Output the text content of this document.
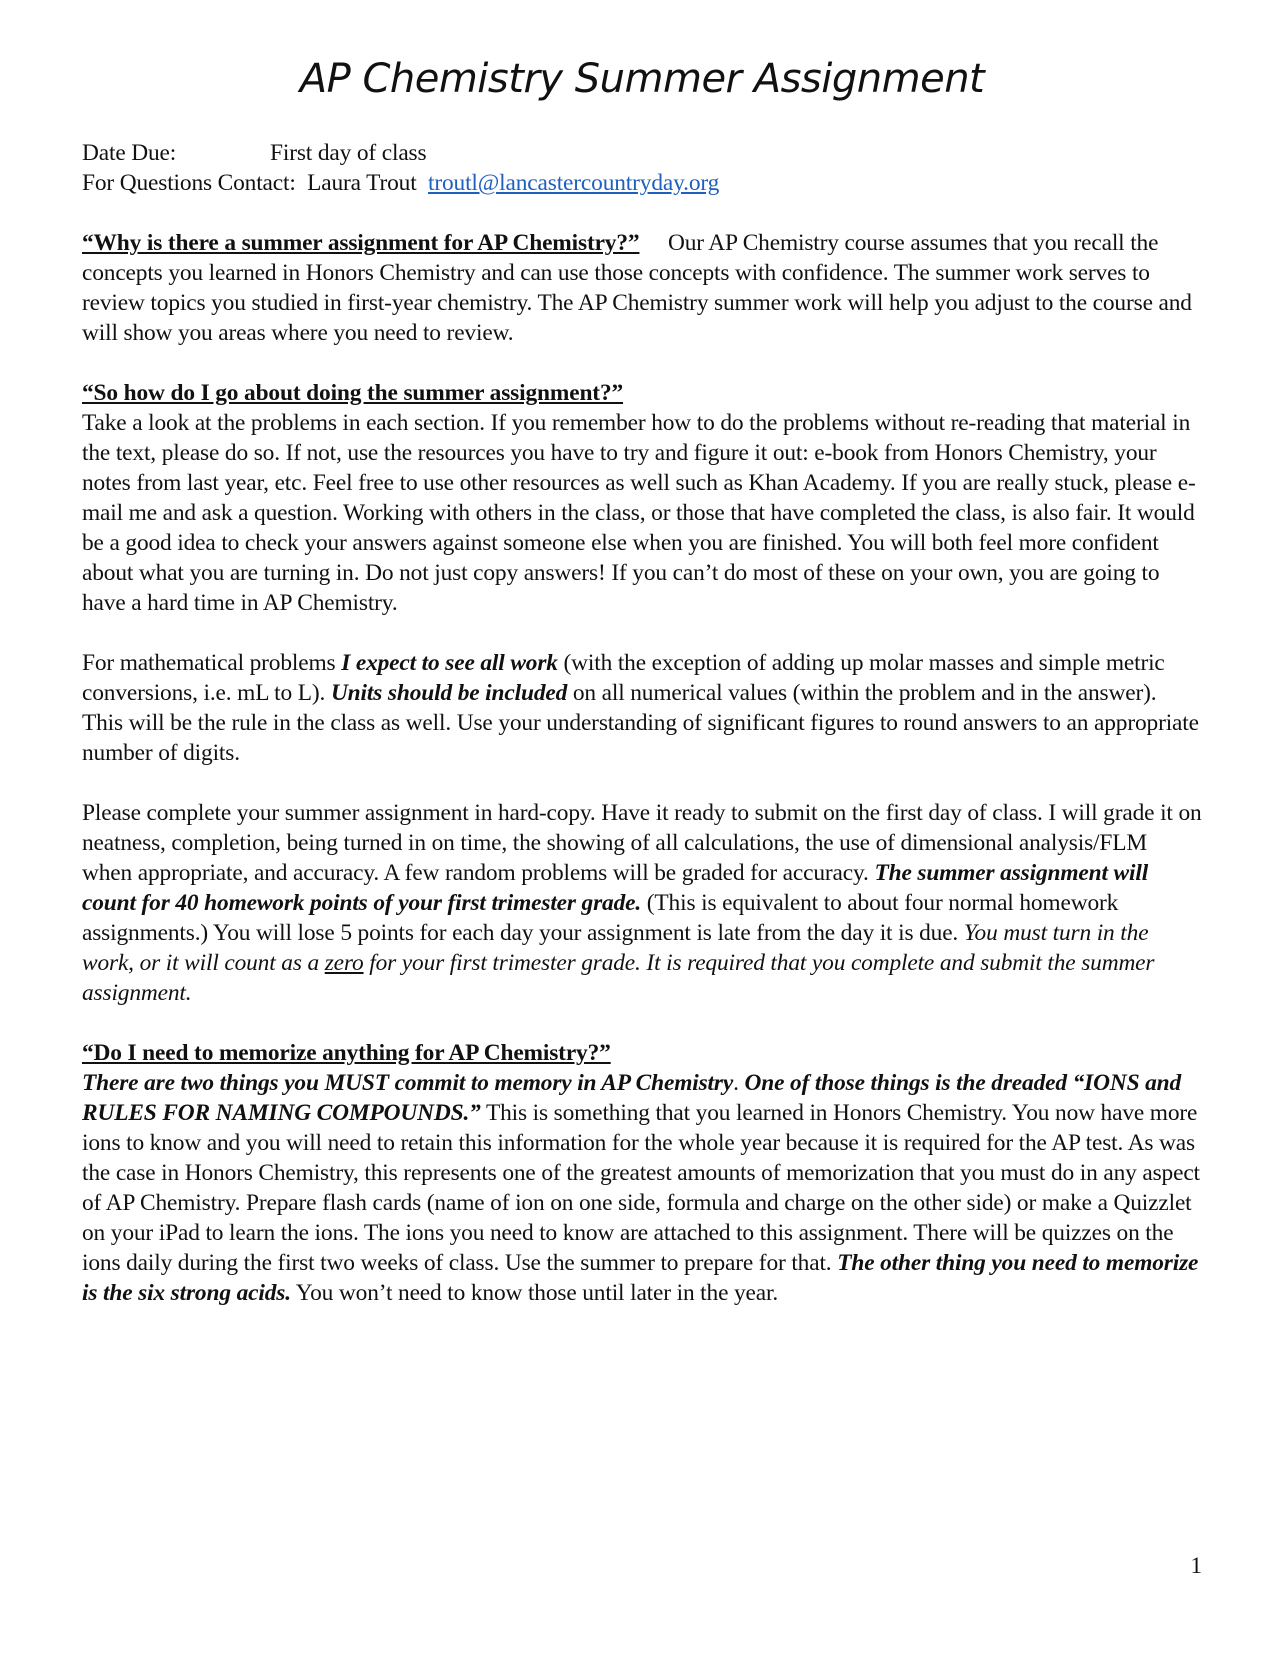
AP Chemistry Summer Assignment
Date Due:	First day of class
For Questions Contact: Laura Trout troutl@lancastercountryday.org

“Why is there a summer assignment for AP Chemistry?” Our AP Chemistry course assumes that you recall the concepts you learned in Honors Chemistry and can use those concepts with confidence. The summer work serves to review topics you studied in first-year chemistry. The AP Chemistry summer work will help you adjust to the course and will show you areas where you need to review.

“So how do I go about doing the summer assignment?”
Take a look at the problems in each section. If you remember how to do the problems without re-reading that material in the text, please do so. If not, use the resources you have to try and figure it out: e-book from Honors Chemistry, your notes from last year, etc. Feel free to use other resources as well such as Khan Academy. If you are really stuck, please e-mail me and ask a question. Working with others in the class, or those that have completed the class, is also fair. It would be a good idea to check your answers against someone else when you are finished. You will both feel more confident about what you are turning in. Do not just copy answers! If you can’t do most of these on your own, you are going to have a hard time in AP Chemistry.

For mathematical problems I expect to see all work (with the exception of adding up molar masses and simple metric conversions, i.e. mL to L). Units should be included on all numerical values (within the problem and in the answer). This will be the rule in the class as well. Use your understanding of significant figures to round answers to an appropriate number of digits.

Please complete your summer assignment in hard-copy. Have it ready to submit on the first day of class. I will grade it on neatness, completion, being turned in on time, the showing of all calculations, the use of dimensional analysis/FLM when appropriate, and accuracy. A few random problems will be graded for accuracy. The summer assignment will count for 40 homework points of your first trimester grade. (This is equivalent to about four normal homework assignments.) You will lose 5 points for each day your assignment is late from the day it is due. You must turn in the work, or it will count as a zero for your first trimester grade. It is required that you complete and submit the summer assignment.

“Do I need to memorize anything for AP Chemistry?”
There are two things you MUST commit to memory in AP Chemistry. One of those things is the dreaded “IONS and RULES FOR NAMING COMPOUNDS.” This is something that you learned in Honors Chemistry. You now have more ions to know and you will need to retain this information for the whole year because it is required for the AP test. As was the case in Honors Chemistry, this represents one of the greatest amounts of memorization that you must do in any aspect of AP Chemistry. Prepare flash cards (name of ion on one side, formula and charge on the other side) or make a Quizzlet on your iPad to learn the ions. The ions you need to know are attached to this assignment. There will be quizzes on the ions daily during the first two weeks of class. Use the summer to prepare for that. The other thing you need to memorize is the six strong acids. You won’t need to know those until later in the year.

1
